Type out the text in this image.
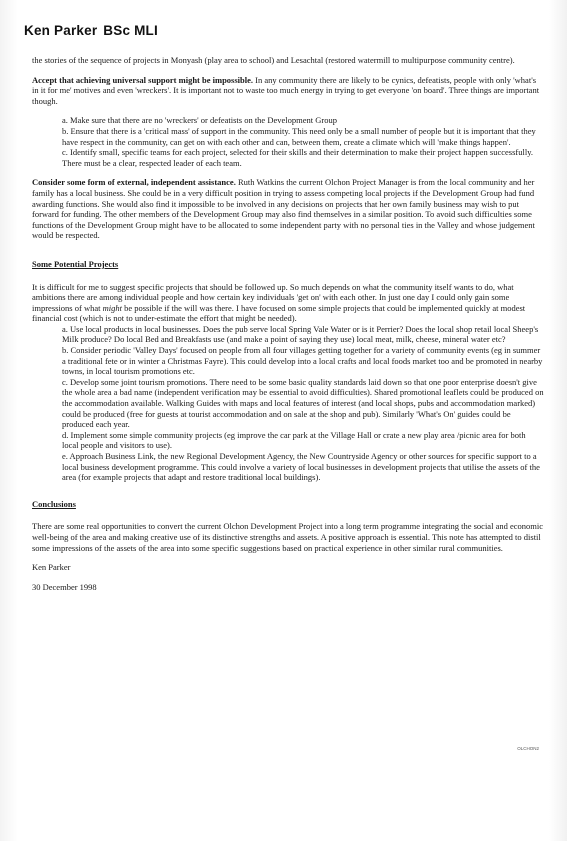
Ken Parker BSc MLI

the stories of the sequence of projects in Monyash (play area to school) and Lesachtal (restored watermill to multipurpose community centre).

Accept that achieving universal support might be impossible. In any community there are likely to be cynics, defeatists, people with only 'what's in it for me' motives and even 'wreckers'. It is important not to waste too much energy in trying to get everyone 'on board'. Three things are important though.

a. Make sure that there are no 'wreckers' or defeatists on the Development Group
b. Ensure that there is a 'critical mass' of support in the community. This need only be a small number of people but it is important that they have respect in the community, can get on with each other and can, between them, create a climate which will 'make things happen'.
c. Identify small, specific teams for each project, selected for their skills and their determination to make their project happen successfully. There must be a clear, respected leader of each team.

Consider some form of external, independent assistance. Ruth Watkins the current Olchon Project Manager is from the local community and her family has a local business. She could be in a very difficult position in trying to assess competing local projects if the Development Group had fund awarding functions. She would also find it impossible to be involved in any decisions on projects that her own family business may wish to put forward for funding. The other members of the Development Group may also find themselves in a similar position. To avoid such difficulties some functions of the Development Group might have to be allocated to some independent party with no personal ties in the Valley and whose judgement would be respected.

Some Potential Projects

It is difficult for me to suggest specific projects that should be followed up. So much depends on what the community itself wants to do, what ambitions there are among individual people and how certain key individuals 'get on' with each other. In just one day I could only gain some impressions of what might be possible if the will was there. I have focused on some simple projects that could be implemented quickly at modest financial cost (which is not to under-estimate the effort that might be needed).

a. Use local products in local businesses. Does the pub serve local Spring Vale Water or is it Perrier? Does the local shop retail local Sheep's Milk produce? Do local Bed and Breakfasts use (and make a point of saying they use) local meat, milk, cheese, mineral water etc?
b. Consider periodic 'Valley Days' focused on people from all four villages getting together for a variety of community events (eg in summer a traditional fete or in winter a Christmas Fayre). This could develop into a local crafts and local foods market too and be promoted in nearby towns, in local tourism promotions etc.
c. Develop some joint tourism promotions. There need to be some basic quality standards laid down so that one poor enterprise doesn't give the whole area a bad name (independent verification may be essential to avoid difficulties). Shared promotional leaflets could be produced on the accommodation available. Walking Guides with maps and local features of interest (and local shops, pubs and accommodation marked) could be produced (free for guests at tourist accommodation and on sale at the shop and pub). Similarly 'What's On' guides could be produced each year.
d. Implement some simple community projects (eg improve the car park at the Village Hall or crate a new play area /picnic area for both local people and visitors to use).
e. Approach Business Link, the new Regional Development Agency, the New Countryside Agency or other sources for specific support to a local business development programme. This could involve a variety of local businesses in development projects that utilise the assets of the area (for example projects that adapt and restore traditional local buildings).
Conclusions

There are some real opportunities to convert the current Olchon Development Project into a long term programme integrating the social and economic well-being of the area and making creative use of its distinctive strengths and assets. A positive approach is essential. This note has attempted to distil some impressions of the assets of the area into some specific suggestions based on practical experience in other similar rural communities.

Ken Parker

30 December 1998

OLCHON2
